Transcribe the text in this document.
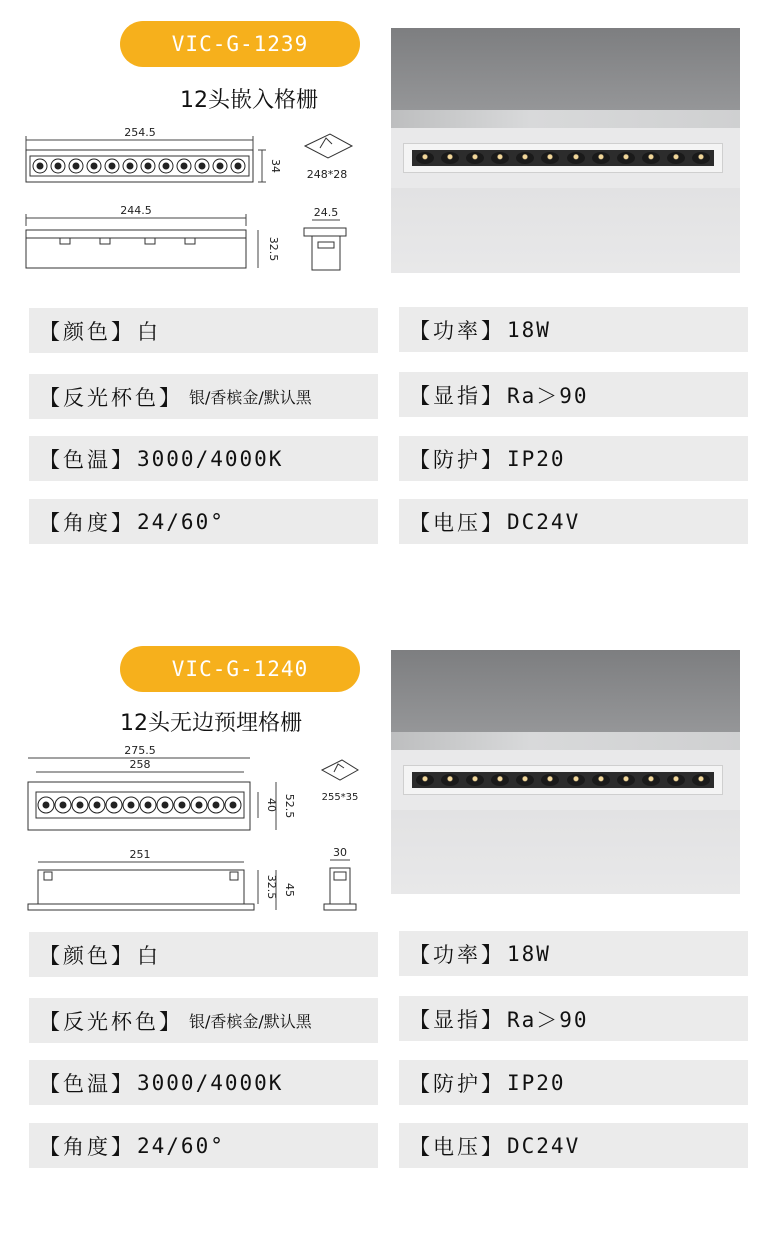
VIC-G-1239
12头嵌入格栅
254.5
34
248*28
244.5
32.5
24.5
【颜色】 白
【反光杯色】 银/香槟金/默认黑
【色温】 3000/4000K
【角度】 24/60°
【功率】 18W
【显指】 Ra＞90
【防护】 IP20
【电压】 DC24V
VIC-G-1240
12头无边预埋格栅
275.5
258
40 52.5	255*35
251
32.5 45
30
【颜色】 白
【反光杯色】 银/香槟金/默认黑
【色温】 3000/4000K
【角度】 24/60°
【功率】 18W
【显指】 Ra＞90
【防护】 IP20
【电压】 DC24V
